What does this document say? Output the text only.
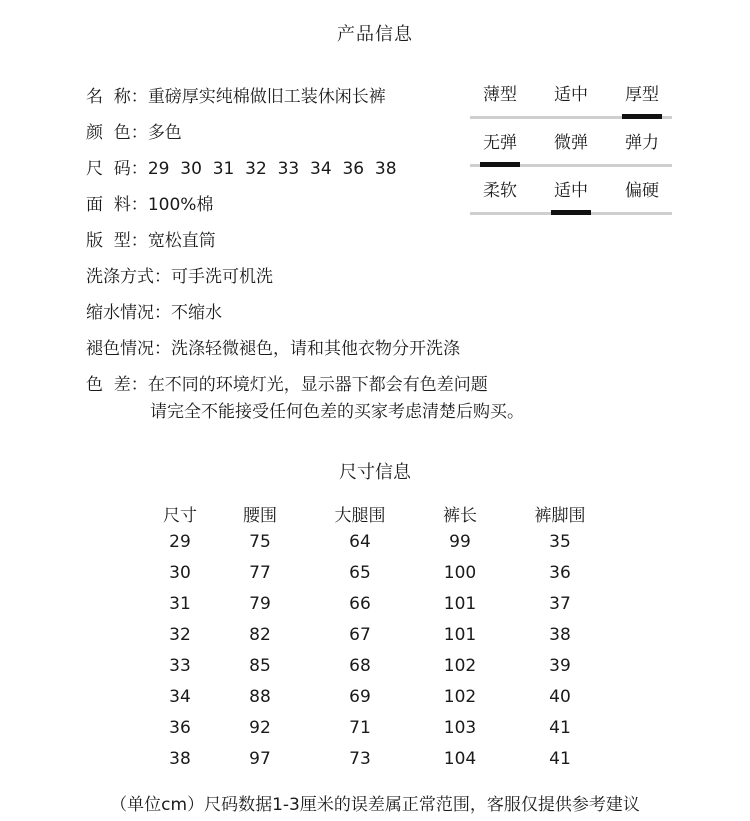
产品信息
名  称：重磅厚实纯棉做旧工装休闲长裤
颜  色：多色
尺  码：29  30  31  32  33  34  36  38
面  料：100%棉
版  型：宽松直筒
洗涤方式：可手洗可机洗
缩水情况：不缩水
褪色情况：洗涤轻微褪色，请和其他衣物分开洗涤
色  差：在不同的环境灯光，显示器下都会有色差问题
请完全不能接受任何色差的买家考虑清楚后购买。
薄型	适中	厚型
无弹	微弹	弹力
柔软	适中	偏硬
尺寸信息
尺寸	腰围	大腿围	裤长	裤脚围
29	75	64	99	35
30	77	65	100	36
31	79	66	101	37
32	82	67	101	38
33	85	68	102	39
34	88	69	102	40
36	92	71	103	41
38	97	73	104	41
（单位cm）尺码数据1-3厘米的误差属正常范围，客服仅提供参考建议
